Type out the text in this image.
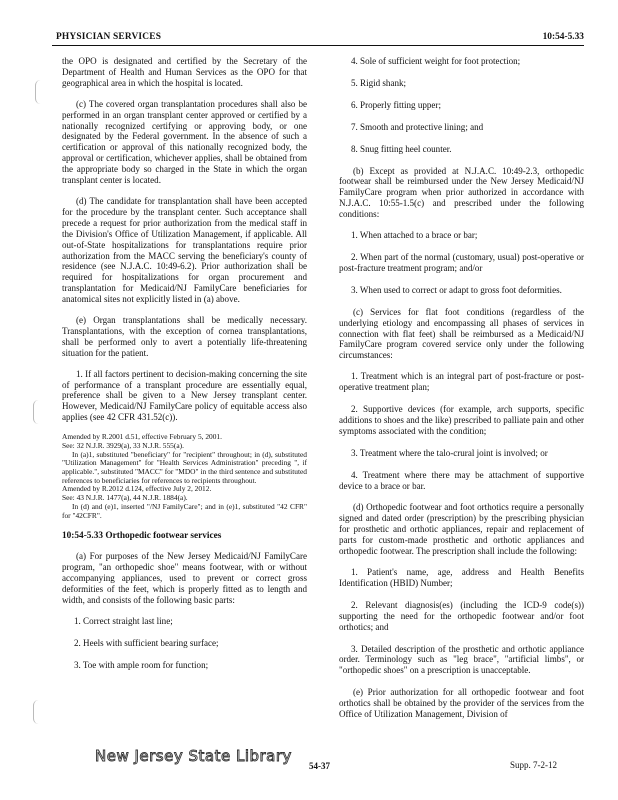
PHYSICIAN SERVICES	10:54-5.33

the OPO is designated and certified by the Secretary of the Department of Health and Human Services as the OPO for that geographical area in which the hospital is located.

(c) The covered organ transplantation procedures shall also be performed in an organ transplant center approved or certified by a nationally recognized certifying or approving body, or one designated by the Federal government. In the absence of such a certification or approval of this nationally recognized body, the approval or certification, whichever applies, shall be obtained from the appropriate body so charged in the State in which the organ transplant center is located.

(d) The candidate for transplantation shall have been accepted for the procedure by the transplant center. Such acceptance shall precede a request for prior authorization from the medical staff in the Division's Office of Utilization Management, if applicable. All out-of-State hospitalizations for transplantations require prior authorization from the MACC serving the beneficiary's county of residence (see N.J.A.C. 10:49-6.2). Prior authorization shall be required for hospitalizations for organ procurement and transplantation for Medicaid/NJ FamilyCare beneficiaries for anatomical sites not explicitly listed in (a) above.

(e) Organ transplantations shall be medically necessary. Transplantations, with the exception of cornea transplantations, shall be performed only to avert a potentially life-threatening situation for the patient.

1. If all factors pertinent to decision-making concerning the site of performance of a transplant procedure are essentially equal, preference shall be given to a New Jersey transplant center. However, Medicaid/NJ FamilyCare policy of equitable access also applies (see 42 CFR 431.52(c)).

Amended by R.2001 d.51, effective February 5, 2001.
See: 32 N.J.R. 3929(a), 33 N.J.R. 555(a).
In (a)1, substituted "beneficiary" for "recipient" throughout; in (d), substituted "Utilization Management" for "Health Services Administration" preceding ", if applicable.", substituted "MACC" for "MDO" in the third sentence and substituted references to beneficiaries for references to recipients throughout.
Amended by R.2012 d.124, effective July 2, 2012.
See: 43 N.J.R. 1477(a), 44 N.J.R. 1884(a).
In (d) and (e)1, inserted "/NJ FamilyCare"; and in (e)1, substituted "42 CFR" for "42CFR".
10:54-5.33 Orthopedic footwear services

(a) For purposes of the New Jersey Medicaid/NJ FamilyCare program, "an orthopedic shoe" means footwear, with or without accompanying appliances, used to prevent or correct gross deformities of the feet, which is properly fitted as to length and width, and consists of the following basic parts:

1. Correct straight last line;
2. Heels with sufficient bearing surface;
3. Toe with ample room for function;
4. Sole of sufficient weight for foot protection;
5. Rigid shank;
6. Properly fitting upper;
7. Smooth and protective lining; and
8. Snug fitting heel counter.

(b) Except as provided at N.J.A.C. 10:49-2.3, orthopedic footwear shall be reimbursed under the New Jersey Medicaid/NJ FamilyCare program when prior authorized in accordance with N.J.A.C. 10:55-1.5(c) and prescribed under the following conditions:

1. When attached to a brace or bar;
2. When part of the normal (customary, usual) post-operative or post-fracture treatment program; and/or
3. When used to correct or adapt to gross foot deformities.

(c) Services for flat foot conditions (regardless of the underlying etiology and encompassing all phases of services in connection with flat feet) shall be reimbursed as a Medicaid/NJ FamilyCare program covered service only under the following circumstances:

1. Treatment which is an integral part of post-fracture or post-operative treatment plan;
2. Supportive devices (for example, arch supports, specific additions to shoes and the like) prescribed to palliate pain and other symptoms associated with the condition;
3. Treatment where the talo-crural joint is involved; or
4. Treatment where there may be attachment of supportive device to a brace or bar.

(d) Orthopedic footwear and foot orthotics require a personally signed and dated order (prescription) by the prescribing physician for prosthetic and orthotic appliances, repair and replacement of parts for custom-made prosthetic and orthotic appliances and orthopedic footwear. The prescription shall include the following:

1. Patient's name, age, address and Health Benefits Identification (HBID) Number;
2. Relevant diagnosis(es) (including the ICD-9 code(s)) supporting the need for the orthopedic footwear and/or foot orthotics; and
3. Detailed description of the prosthetic and orthotic appliance order. Terminology such as "leg brace", "artificial limbs", or "orthopedic shoes" on a prescription is unacceptable.

(e) Prior authorization for all orthopedic footwear and foot orthotics shall be obtained by the provider of the services from the Office of Utilization Management, Division of

New Jersey State Library
54-37	Supp. 7-2-12
